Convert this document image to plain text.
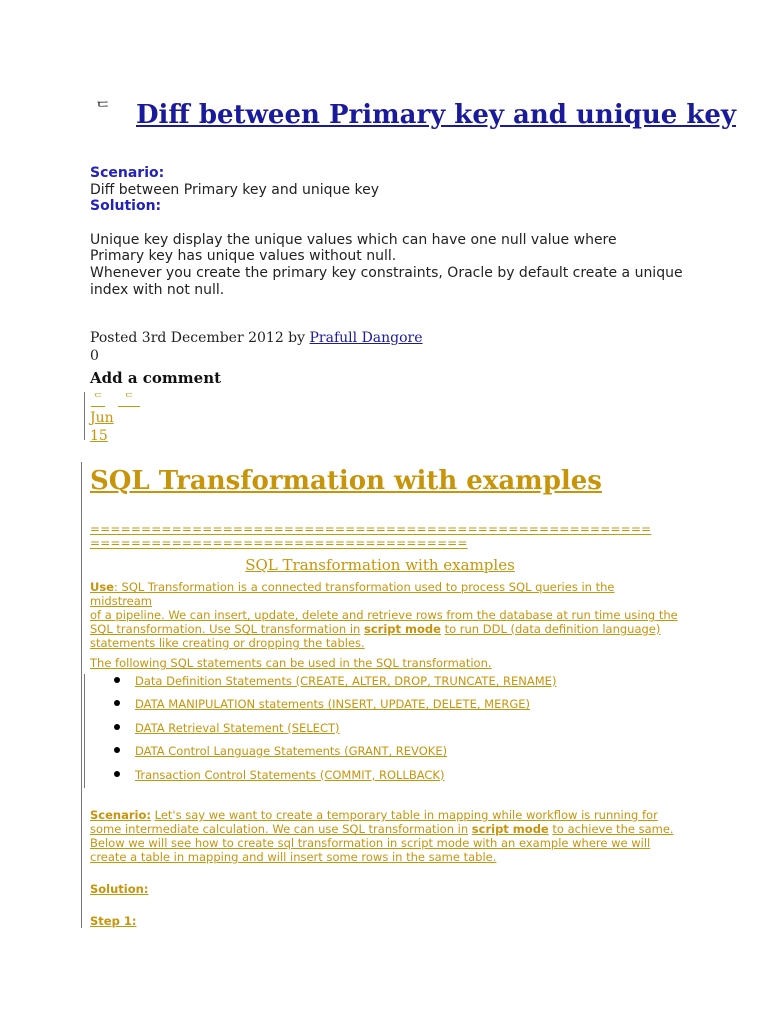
ᄃ Diff between Primary key and unique key
Scenario:
Diff between Primary key and unique key
Solution:
Unique key display the unique values which can have one null value where
Primary key has unique values without null.
Whenever you create the primary key constraints, Oracle by default create a unique
index with not null.
Posted 3rd December 2012 by Prafull Dangore
0
Add a comment
ᄃ ᄃ
Jun
15
SQL Transformation with examples
=======================================================
=====================================
SQL Transformation with examples
Use: SQL Transformation is a connected transformation used to process SQL queries in the midstream
of a pipeline. We can insert, update, delete and retrieve rows from the database at run time using the
SQL transformation. Use SQL transformation in script mode to run DDL (data definition language)
statements like creating or dropping the tables.
The following SQL statements can be used in the SQL transformation.
Data Definition Statements (CREATE, ALTER, DROP, TRUNCATE, RENAME)
DATA MANIPULATION statements (INSERT, UPDATE, DELETE, MERGE)
DATA Retrieval Statement (SELECT)
DATA Control Language Statements (GRANT, REVOKE)
Transaction Control Statements (COMMIT, ROLLBACK)
Scenario: Let's say we want to create a temporary table in mapping while workflow is running for
some intermediate calculation. We can use SQL transformation in script mode to achieve the same.
Below we will see how to create sql transformation in script mode with an example where we will
create a table in mapping and will insert some rows in the same table.
Solution:
Step 1:
